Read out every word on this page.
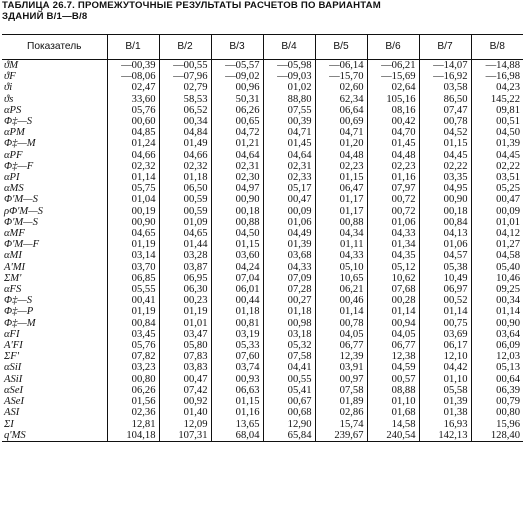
ТАБЛИЦА 26.7. ПРОМЕЖУТОЧНЫЕ РЕЗУЛЬТАТЫ РАСЧЕТОВ ПО ВАРИАНТАМ
ЗДАНИЙ В/1—В/8
Показатель	В/1	В/2	В/3	В/4	В/5	В/6	В/7	В/8
ϑM	—00,39	—00,55	—05,57	—05,98	—06,14	—06,21	—14,07	—14,88
ϑF	—08,06	—07,96	—09,02	—09,03	—15,70	—15,69	—16,92	—16,98
ϑi	02,47	02,79	00,96	01,02	02,60	02,64	03,58	04,23
ϑs	33,60	58,53	50,31	88,80	62,34	105,16	86,50	145,22
αPS	05,76	06,52	06,26	07,55	06,64	08,16	07,47	09,81
Φ‡—S	00,60	00,34	00,65	00,39	00,69	00,42	00,78	00,51
αPM	04,85	04,84	04,72	04,71	04,71	04,70	04,52	04,50
Φ‡—M	01,24	01,49	01,21	01,45	01,20	01,45	01,15	01,39
αPF	04,66	04,66	04,64	04,64	04,48	04,48	04,45	04,45
Φ‡—F	02,32	02,32	02,31	02,31	02,23	02,23	02,22	02,22
αPI	01,14	01,18	02,30	02,33	01,15	01,16	03,35	03,51
αMS	05,75	06,50	04,97	05,17	06,47	07,97	04,95	05,25
Φ'M—S	01,04	00,59	00,90	00,47	01,17	00,72	00,90	00,47
ρΦ'M—S	00,19	00,59	00,18	00,09	01,17	00,72	00,18	00,09
Φ'M—S	00,90	01,09	00,88	01,06	00,88	01,06	00,84	01,01
αMF	04,65	04,65	04,50	04,49	04,34	04,33	04,13	04,12
Φ'M—F	01,19	01,44	01,15	01,39	01,11	01,34	01,06	01,27
αMI	03,14	03,28	03,60	03,68	04,33	04,35	04,57	04,58
A'MI	03,70	03,87	04,24	04,33	05,10	05,12	05,38	05,40
ΣM'	06,85	06,95	07,04	07,09	10,65	10,62	10,49	10,46
αFS	05,55	06,30	06,01	07,28	06,21	07,68	06,97	09,25
Φ‡—S	00,41	00,23	00,44	00,27	00,46	00,28	00,52	00,34
Φ‡—P	01,19	01,19	01,18	01,18	01,14	01,14	01,14	01,14
Φ‡—M	00,84	01,01	00,81	00,98	00,78	00,94	00,75	00,90
αFI	03,45	03,47	03,19	03,18	04,05	04,05	03,69	03,64
A'FI	05,76	05,80	05,33	05,32	06,77	06,77	06,17	06,09
ΣF'	07,82	07,83	07,60	07,58	12,39	12,38	12,10	12,03
αSiI	03,23	03,83	03,74	04,41	03,91	04,59	04,42	05,13
ASiI	00,80	00,47	00,93	00,55	00,97	00,57	01,10	00,64
αSeI	06,26	07,42	06,63	05,41	07,58	08,88	05,58	06,39
ASeI	01,56	00,92	01,15	00,67	01,89	01,10	01,39	00,79
ASI	02,36	01,40	01,16	00,68	02,86	01,68	01,38	00,80
ΣI	12,81	12,09	13,65	12,90	15,74	14,58	16,93	15,96
q'MS	104,18	107,31	68,04	65,84	239,67	240,54	142,13	128,40
